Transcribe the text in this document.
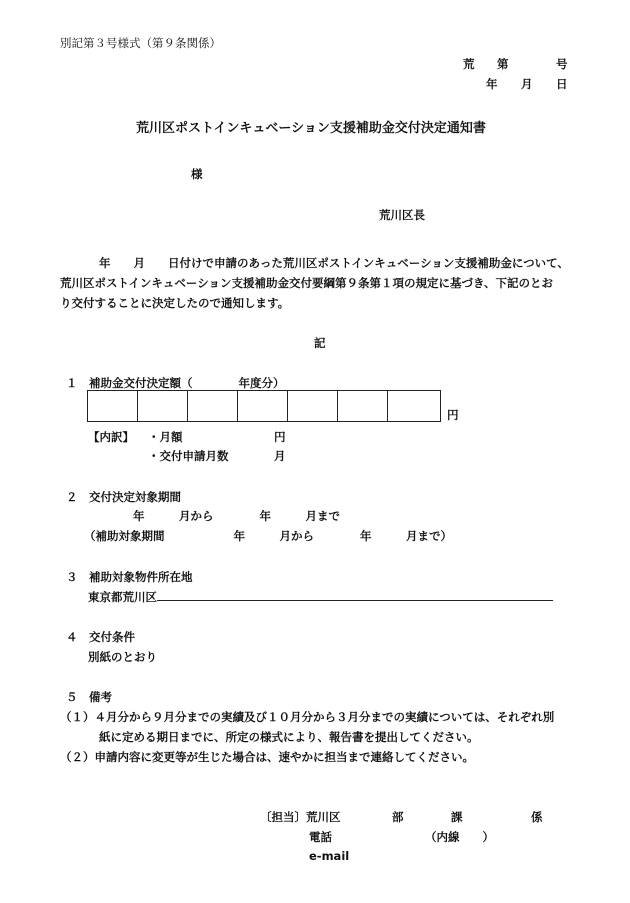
別記第３号様式（第９条関係）
荒 第	号
年 月 日
荒川区ポストインキュベーション支援補助金交付決定通知書
様
荒川区長
年　　月　　日付けで申請のあった荒川区ポストインキュベーション支援補助金について、
荒川区ポストインキュベーション支援補助金交付要綱第９条第１項の規定に基づき、下記のとお
り交付することに決定したので通知します。
記
１　補助金交付決定額（　　　　年度分）
円
【内訳】 ・月額	円
・交付申請月数	月
２　交付決定対象期間
年　　　月から　　　　年　　　月まで
（補助対象期間　　　　　　年　　　月から　　　　年　　　月まで）
３　補助対象物件所在地
東京都荒川区
４　交付条件
別紙のとおり
５　備考
（１）４月分から９月分までの実績及び１０月分から３月分までの実績については、それぞれ別
紙に定める期日までに、所定の様式により、報告書を提出してください。
（２）申請内容に変更等が生じた場合は、速やかに担当まで連絡してください。
〔担当〕荒川区	部	課	係
電話	（内線　　）
e-mail
